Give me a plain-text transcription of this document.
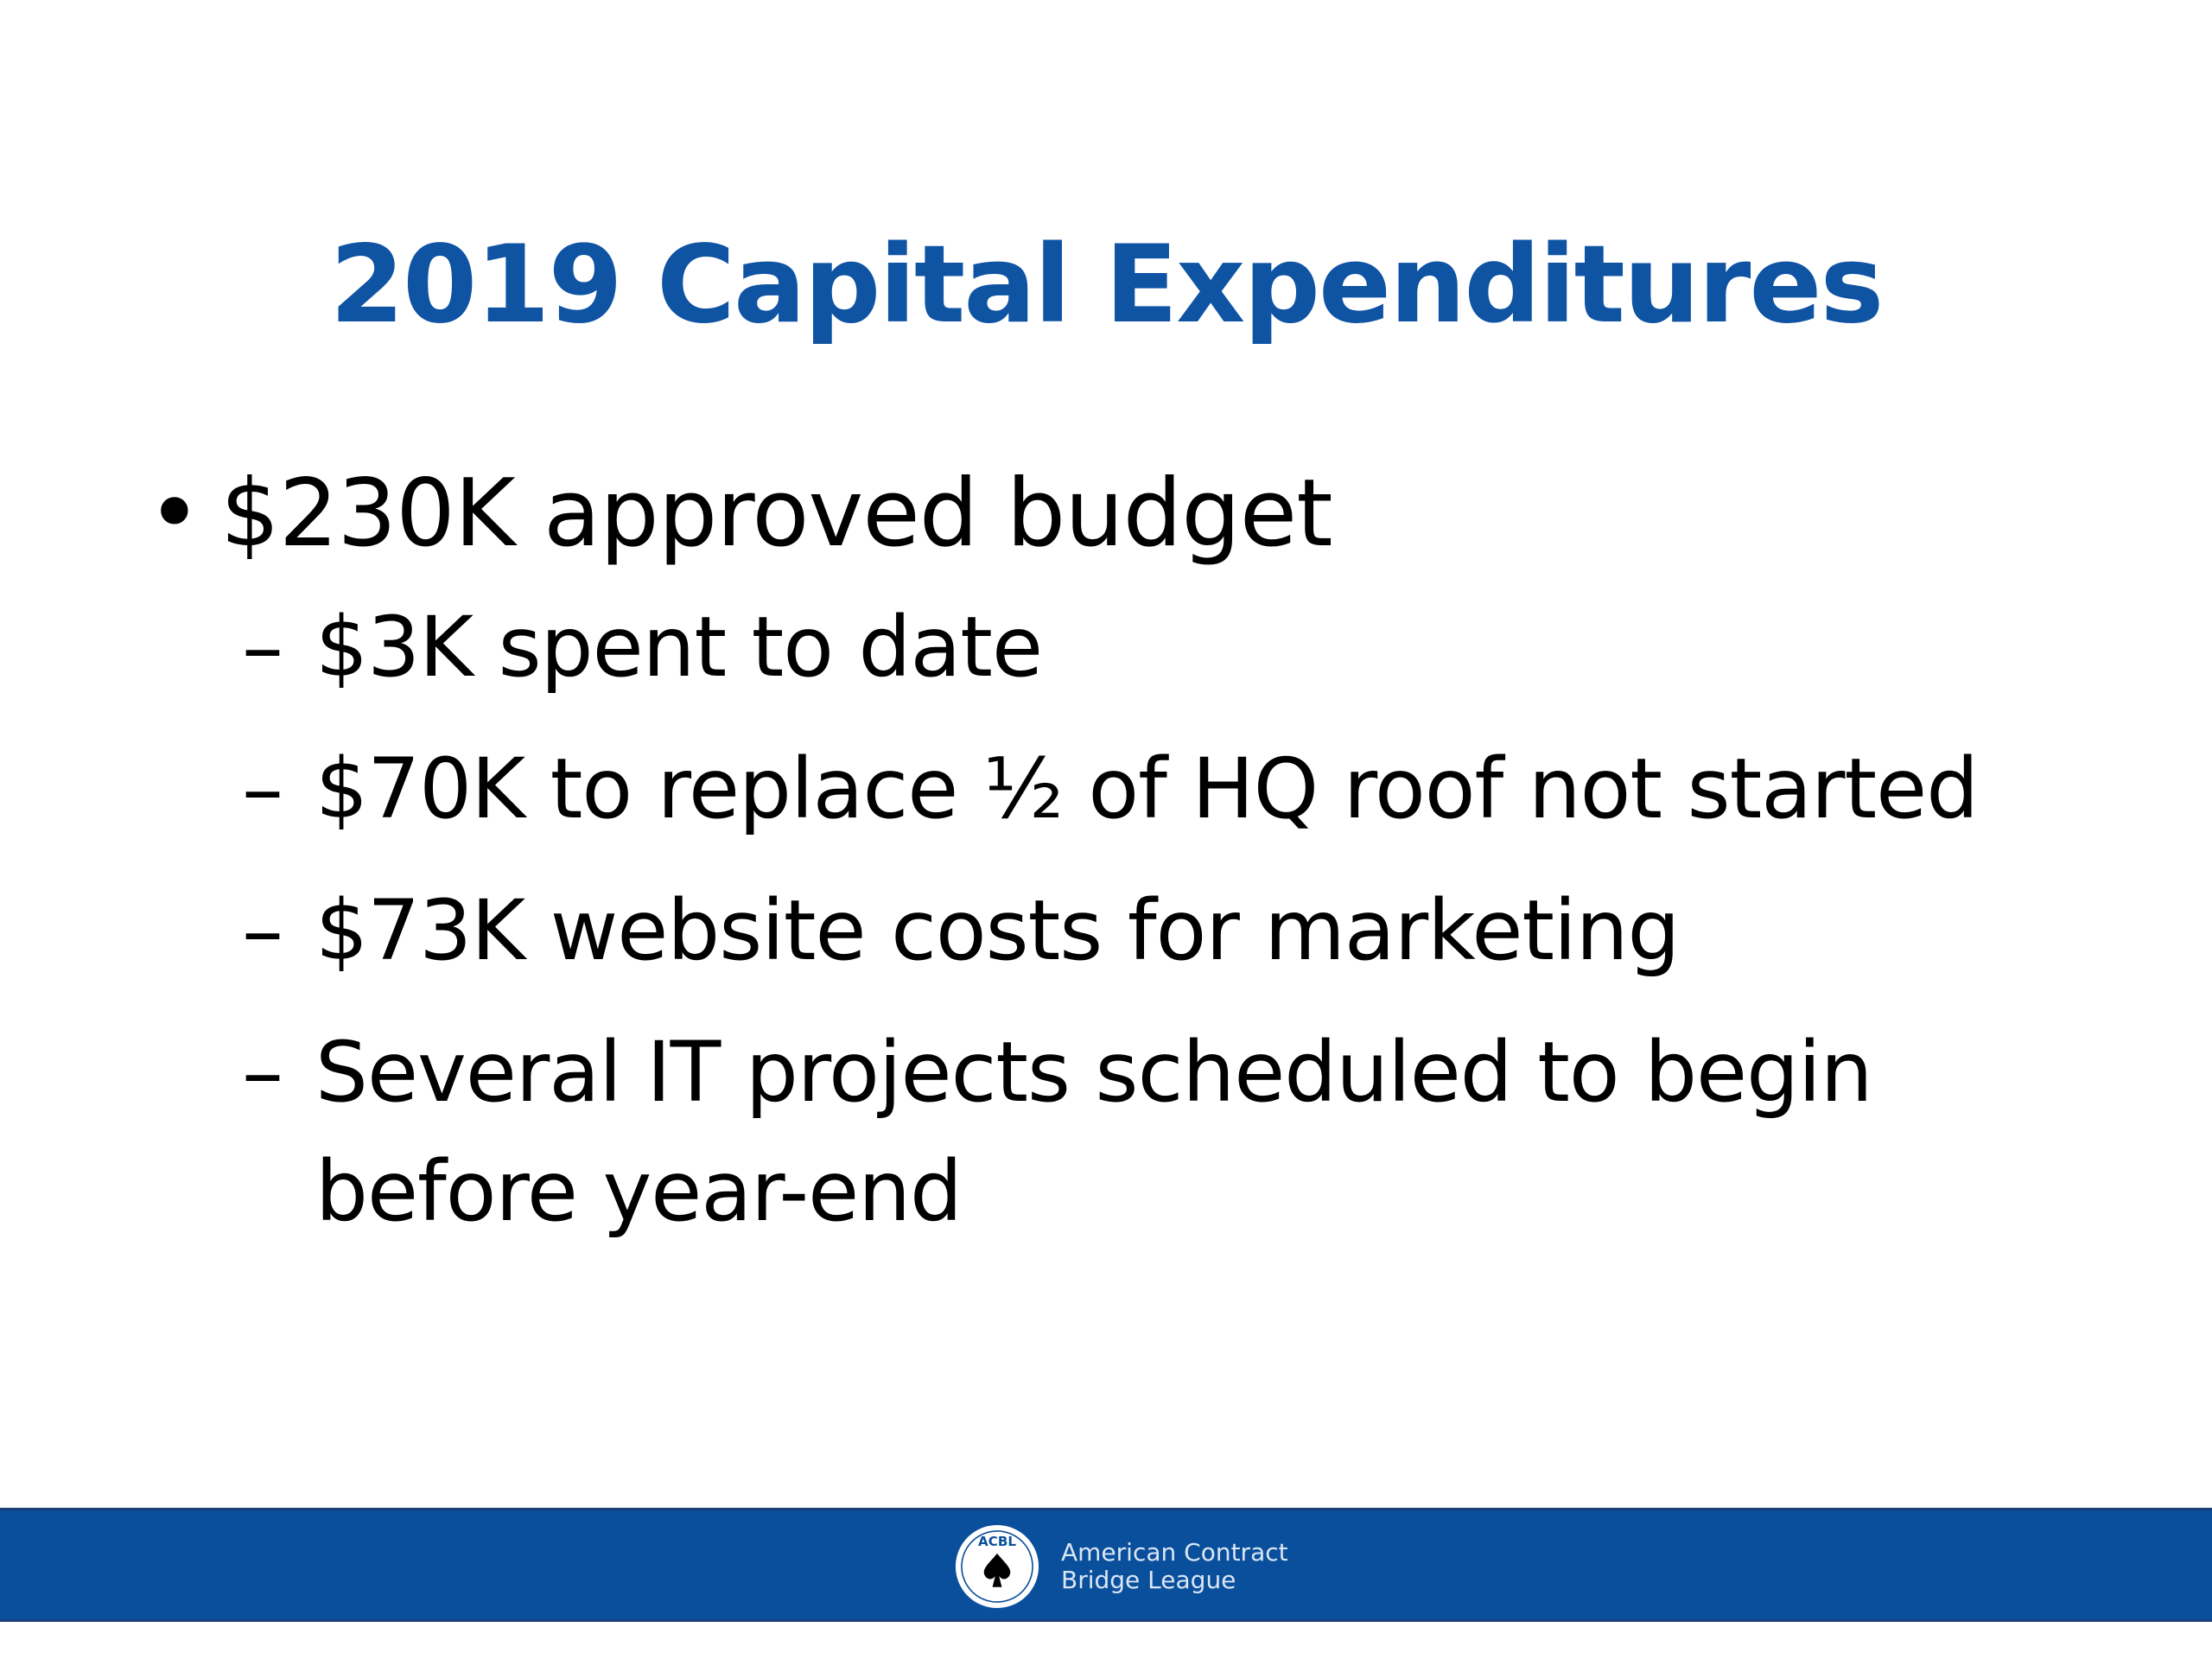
2019 Capital Expenditures
• $230K approved budget
– $3K spent to date
– $70K to replace ½ of HQ roof not started
– $73K website costs for marketing
– Several IT projects scheduled to begin before year-end
ACBL American Contract
Bridge League
